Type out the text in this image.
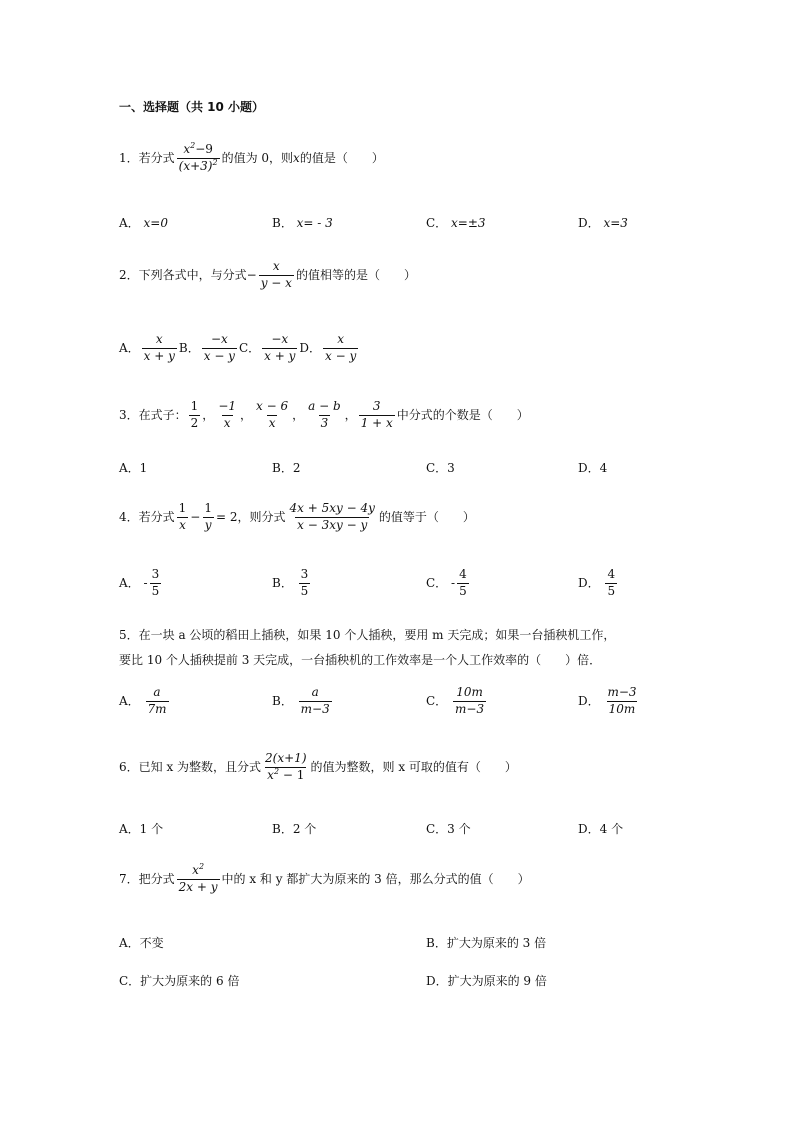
一、选择题（共 10 小题）
1．若分式 $\frac{x^2-9}{(x+3)^2}$ 的值为 0，则x的值是（　　）
A． x=0	B． x= - 3	C． x=±3	D． x=3
2．下列各式中，与分式− $\frac{x}{y - x}$ 的值相等的是（　　）
A． $\frac{x}{x + y}$ B． $\frac{-x}{x - y}$ C． $\frac{-x}{x + y}$ D． $\frac{x}{x - y}$
3．在式子： $\frac{1}{2}$ ， $\frac{-1}{x}$ ， $\frac{x - 6}{x}$ ， $\frac{a - b}{3}$ ， $\frac{3}{1 + x}$ 中分式的个数是（　　）
A．1	B．2	C．3	D．4
4．若分式 $\frac{1}{x} - \frac{1}{y} = 2$，则分式 $\frac{4x + 5xy - 4y}{x - 3xy - y}$ 的值等于（　　）
A． - $\frac{3}{5}$	B． $\frac{3}{5}$	C． - $\frac{4}{5}$	D． $\frac{4}{5}$
5．在一块 a 公顷的稻田上插秧，如果 10 个人插秧，要用 m 天完成；如果一台插秧机工作，
要比 10 个人插秧提前 3 天完成，一台插秧机的工作效率是一个人工作效率的（　　）倍．
A． $\frac{a}{7m}$	B． $\frac{a}{m-3}$	C． $\frac{10m}{m-3}$	D． $\frac{m-3}{10m}$
6．已知 x 为整数，且分式 $\frac{2(x+1)}{x^2 - 1}$ 的值为整数，则 x 可取的值有（　　）
A．1 个	B．2 个	C．3 个	D．4 个
7．把分式 $\frac{x^2}{2x + y}$ 中的 x 和 y 都扩大为原来的 3 倍，那么分式的值（　　）
A．不变	B．扩大为原来的 3 倍
C．扩大为原来的 6 倍	D．扩大为原来的 9 倍
